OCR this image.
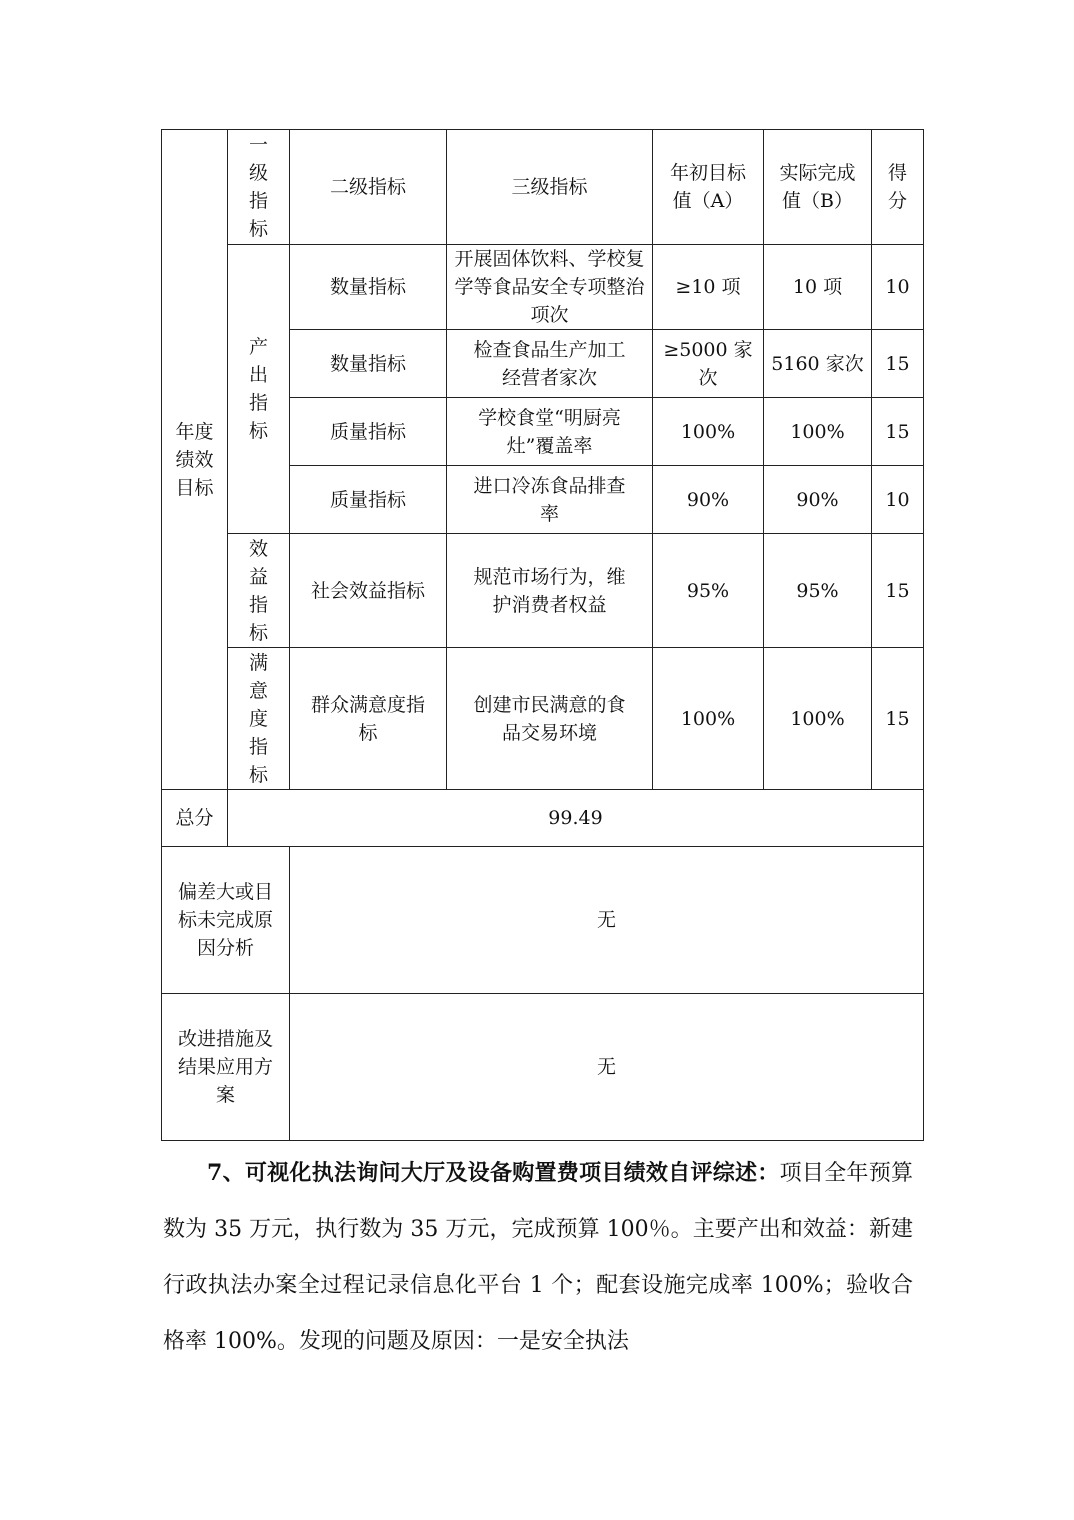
年度绩效目标	一级指标	二级指标	三级指标	年初目标值（A）	实际完成值（B）	得分

	产出指标	数量指标	开展固体饮料、学校复学等食品安全专项整治项次	≥10 项	10 项	10
		数量指标	检查食品生产加工经营者家次	≥5000 家次	5160 家次	15
		质量指标	学校食堂“明厨亮灶”覆盖率	100%	100%	15
		质量指标	进口冷冻食品排查率	90%	90%	10

	效益指标	社会效益指标	规范市场行为，维护消费者权益	95%	95%	15

	满意度指标	群众满意度指标	创建市民满意的食品交易环境	100%	100%	15
总分	99.49					

偏差大或目标未完成原因分析		无				

改进措施及结果应用方案		无				

7、可视化执法询问大厅及设备购置费项目绩效自评综述：项目全年预算数为 35 万元，执行数为 35 万元，完成预算 100％。主要产出和效益：新建行政执法办案全过程记录信息化平台 1 个；配套设施完成率 100%；验收合格率 100%。发现的问题及原因：一是安全执法
